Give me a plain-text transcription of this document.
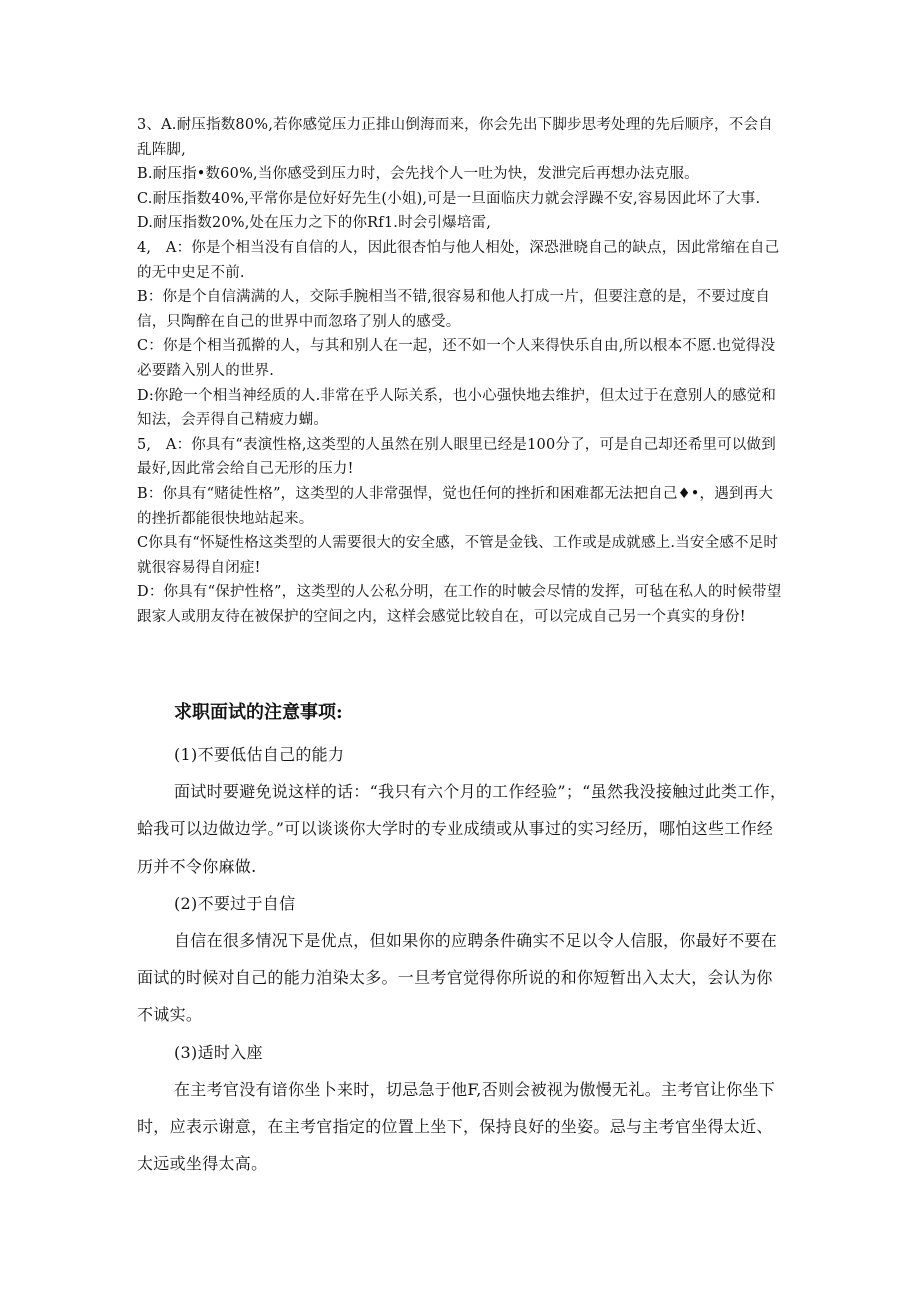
3、A.耐压指数80%,若你感觉压力正排山倒海而来，你会先出下脚步思考处理的先后顺序，不会自乱阵脚,

B.耐压指•数60%,当你感受到压力时，会先找个人一吐为快，发泄完后再想办法克服。

C.耐压指数40%,平常你是位好好先生(小姐),可是一旦面临庆力就会浮躁不安,容易因此坏了大事.

D.耐压指数20%,处在压力之下的你Rf1.时会引爆培雷,

4,　A：你是个相当没有自信的人，因此很杏怕与他人相处，深恐泄晓自己的缺点，因此常缩在自己的无中史足不前.

B：你是个自信满满的人，交际手腕相当不错,很容易和他人打成一片，但要注意的是，不要过度自信，只陶醉在自己的世界中而忽珞了别人的感受。

C：你是个相当孤擀的人，与其和别人在一起，还不如一个人来得快乐自由,所以根本不愿.也觉得没必要踏入别人的世界.

D:你跄一个相当神经质的人.非常在乎人际关系，也小心强快地去维护，但太过于在意别人的感觉和知法，会弄得自己精疲力蝴。

5,　A：你具有“表演性格,这类型的人虽然在别人眼里已经是100分了，可是自己却还希里可以做到最好,因此常会给自己无形的压力!

B：你具有“赌徒性格”，这类型的人非常强悍，觉也任何的挫折和困难都无法把自己♦•，遇到再大的挫折都能很快地站起来。

C你具有“怀疑性格这类型的人需要很大的安全感，不管是金钱、工作或是成就感上.当安全感不足时就很容易得自闭症!

D：你具有“保护性格”，这类型的人公私分明，在工作的时帔会尽情的发挥，可毡在私人的时候带望跟家人或朋友待在被保护的空间之内，这样会感觉比较自在，可以完成自己另一个真实的身份!

求职面试的注意事项:

(1)不要低估自己的能力

面试时要避免说这样的话：“我只有六个月的工作经验”；“虽然我没接触过此类工作，蛤我可以边做边学。”可以谈谈你大学时的专业成绩或从事过的实习经历，哪怕这些工作经历并不令你麻做.

(2)不要过于自信

自信在很多情况下是优点，但如果你的应聘条件确实不足以令人信服，你最好不要在面试的时候对自己的能力洎染太多。一旦考官觉得你所说的和你短暂出入太大，会认为你不诚实。

(3)适时入座

在主考官没有谙你坐卜来时，切忌急于他F,否则会被视为傲慢无礼。主考官让你坐下时，应表示谢意，在主考官指定的位置上坐下，保持良好的坐姿。忌与主考官坐得太近、太远或坐得太高。
